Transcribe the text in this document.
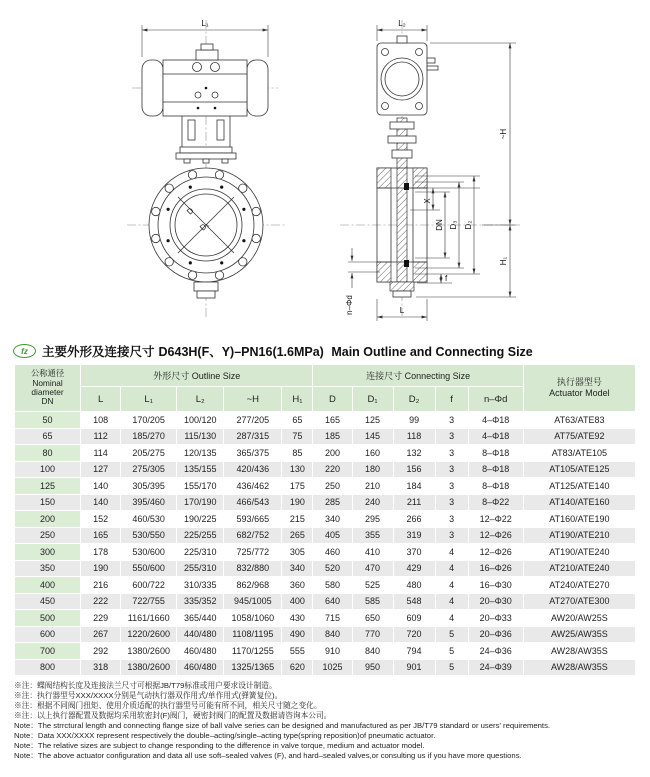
L₁
D
D₁
L₂
X
DN D₃ D₂
f
n–Φd
~H
H₁
L
fz	主要外形及连接尺寸 D643H(F、Y)–PN16(1.6MPa) Main Outline and Connecting Size
公称通径
Nominal
diameter
DN
	外形尺寸 Outline Size	连接尺寸 Connecting Size	
执行器型号
Actuator Model

	L	L₁	L₂	~H	H₁	D	D₁	D₂	f	n–Φd	
50	108	170/205	100/120	277/205	65	165	125	99	3	4–Φ18	AT63/ATE83
65	112	185/270	115/130	287/315	75	185	145	118	3	4–Φ18	AT75/ATE92
80	114	205/275	120/135	365/375	85	200	160	132	3	8–Φ18	AT83/ATE105
100	127	275/305	135/155	420/436	130	220	180	156	3	8–Φ18	AT105/ATE125
125	140	305/395	155/170	436/462	175	250	210	184	3	8–Φ18	AT125/ATE140
150	140	395/460	170/190	466/543	190	285	240	211	3	8–Φ22	AT140/ATE160
200	152	460/530	190/225	593/665	215	340	295	266	3	12–Φ22	AT160/ATE190
250	165	530/550	225/255	682/752	265	405	355	319	3	12–Φ26	AT190/ATE210
300	178	530/600	225/310	725/772	305	460	410	370	4	12–Φ26	AT190/ATE240
350	190	550/600	255/310	832/880	340	520	470	429	4	16–Φ26	AT210/ATE240
400	216	600/722	310/335	862/968	360	580	525	480	4	16–Φ30	AT240/ATE270
450	222	722/755	335/352	945/1005	400	640	585	548	4	20–Φ30	AT270/ATE300
500	229	1161/1660	365/440	1058/1060	430	715	650	609	4	20–Φ33	AW20/AW25S
600	267	1220/2600	440/480	1108/1195	490	840	770	720	5	20–Φ36	AW25/AW35S
700	292	1380/2600	460/480	1170/1255	555	910	840	794	5	24–Φ36	AW28/AW35S
800	318	1380/2600	460/480	1325/1365	620	1025	950	901	5	24–Φ39	AW28/AW35S
※注：蝶阀结构长度及连接法兰尺寸可根据JB/T79标准或用户要求设计制造。
※注：执行器型号XXX/XXXX分别是气动执行器双作用式/单作用式(弹簧复位)。
※注：根据不同阀门扭矩、使用介质适配的执行器型号可能有所不同，相关尺寸随之变化。
※注：以上执行器配置及数据均采用软密封(F)阀门，硬密封阀门的配置及数据请咨询本公司。
Note：The strrctural length and connecting flange size of ball valve series can be designed and manufactured as per JB/T79 standard or users' requirements.
Note：Data XXX/XXXX represent respectively the double–acting/single–acting type(spring reposition)of pneumatic actuator.
Note：The relative sizes are subject to change responding to the difference in valve torque, medium and actuator model.
Note：The above actuator configuration and data all use soft–sealed valves (F), and hard–sealed valves,or consulting us if you have more questions.
